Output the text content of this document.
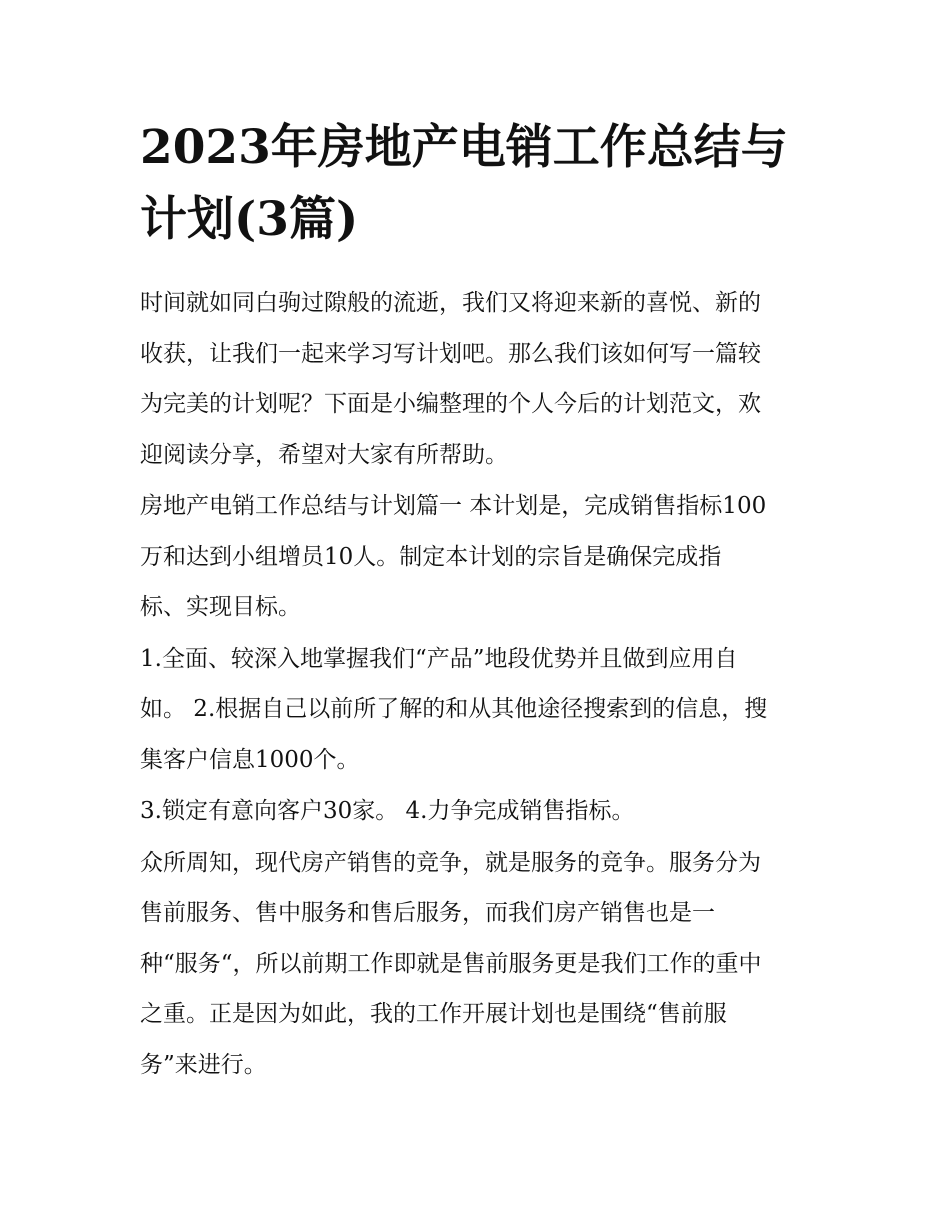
2023年房地产电销工作总结与
计划(3篇)

时间就如同白驹过隙般的流逝，我们又将迎来新的喜悦、新的
收获，让我们一起来学习写计划吧。那么我们该如何写一篇较
为完美的计划呢？下面是小编整理的个人今后的计划范文，欢
迎阅读分享，希望对大家有所帮助。

房地产电销工作总结与计划篇一 本计划是，完成销售指标100
万和达到小组增员10人。制定本计划的宗旨是确保完成指
标、实现目标。

1.全面、较深入地掌握我们“产品”地段优势并且做到应用自
如。 2.根据自己以前所了解的和从其他途径搜索到的信息，搜
集客户信息1000个。

3.锁定有意向客户30家。 4.力争完成销售指标。

众所周知，现代房产销售的竞争，就是服务的竞争。服务分为
售前服务、售中服务和售后服务，而我们房产销售也是一
种“服务“，所以前期工作即就是售前服务更是我们工作的重中
之重。正是因为如此，我的工作开展计划也是围绕“售前服
务”来进行。
